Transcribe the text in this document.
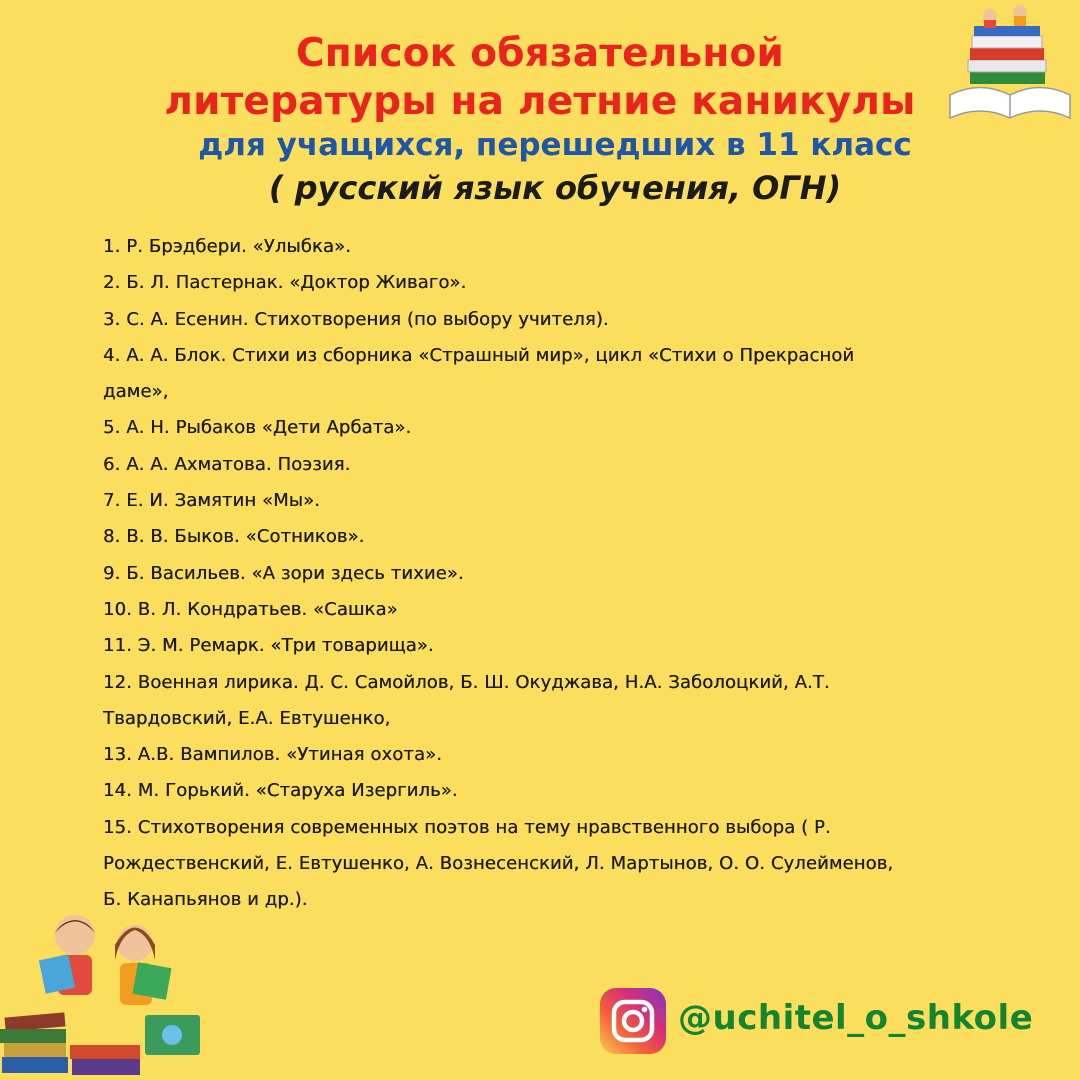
Список обязательной
литературы на летние каникулы
для учащихся, перешедших в 11 класс
( русский язык обучения, ОГН)
1. Р. Брэдбери. «Улыбка».
2. Б. Л. Пастернак. «Доктор Живаго».
3. С. А. Есенин. Стихотворения (по выбору учителя).
4. А. А. Блок. Стихи из сборника «Страшный мир», цикл «Стихи о Прекрасной
даме»,
5. А. Н. Рыбаков «Дети Арбата».
6. А. А. Ахматова. Поэзия.
7. Е. И. Замятин «Мы».
8. В. В. Быков. «Сотников».
9. Б. Васильев. «А зори здесь тихие».
10. В. Л. Кондратьев. «Сашка»
11. Э. М. Ремарк. «Три товарища».
12. Военная лирика. Д. С. Самойлов, Б. Ш. Окуджава, Н.А. Заболоцкий, А.Т.
Твардовский, Е.А. Евтушенко,
13. А.В. Вампилов. «Утиная охота».
14. М. Горький. «Старуха Изергиль».
15. Стихотворения современных поэтов на тему нравственного выбора ( Р.
Рождественский, Е. Евтушенко, А. Вознесенский, Л. Мартынов, О. О. Сулейменов,
Б. Канапьянов и др.).
@uchitel_o_shkole
